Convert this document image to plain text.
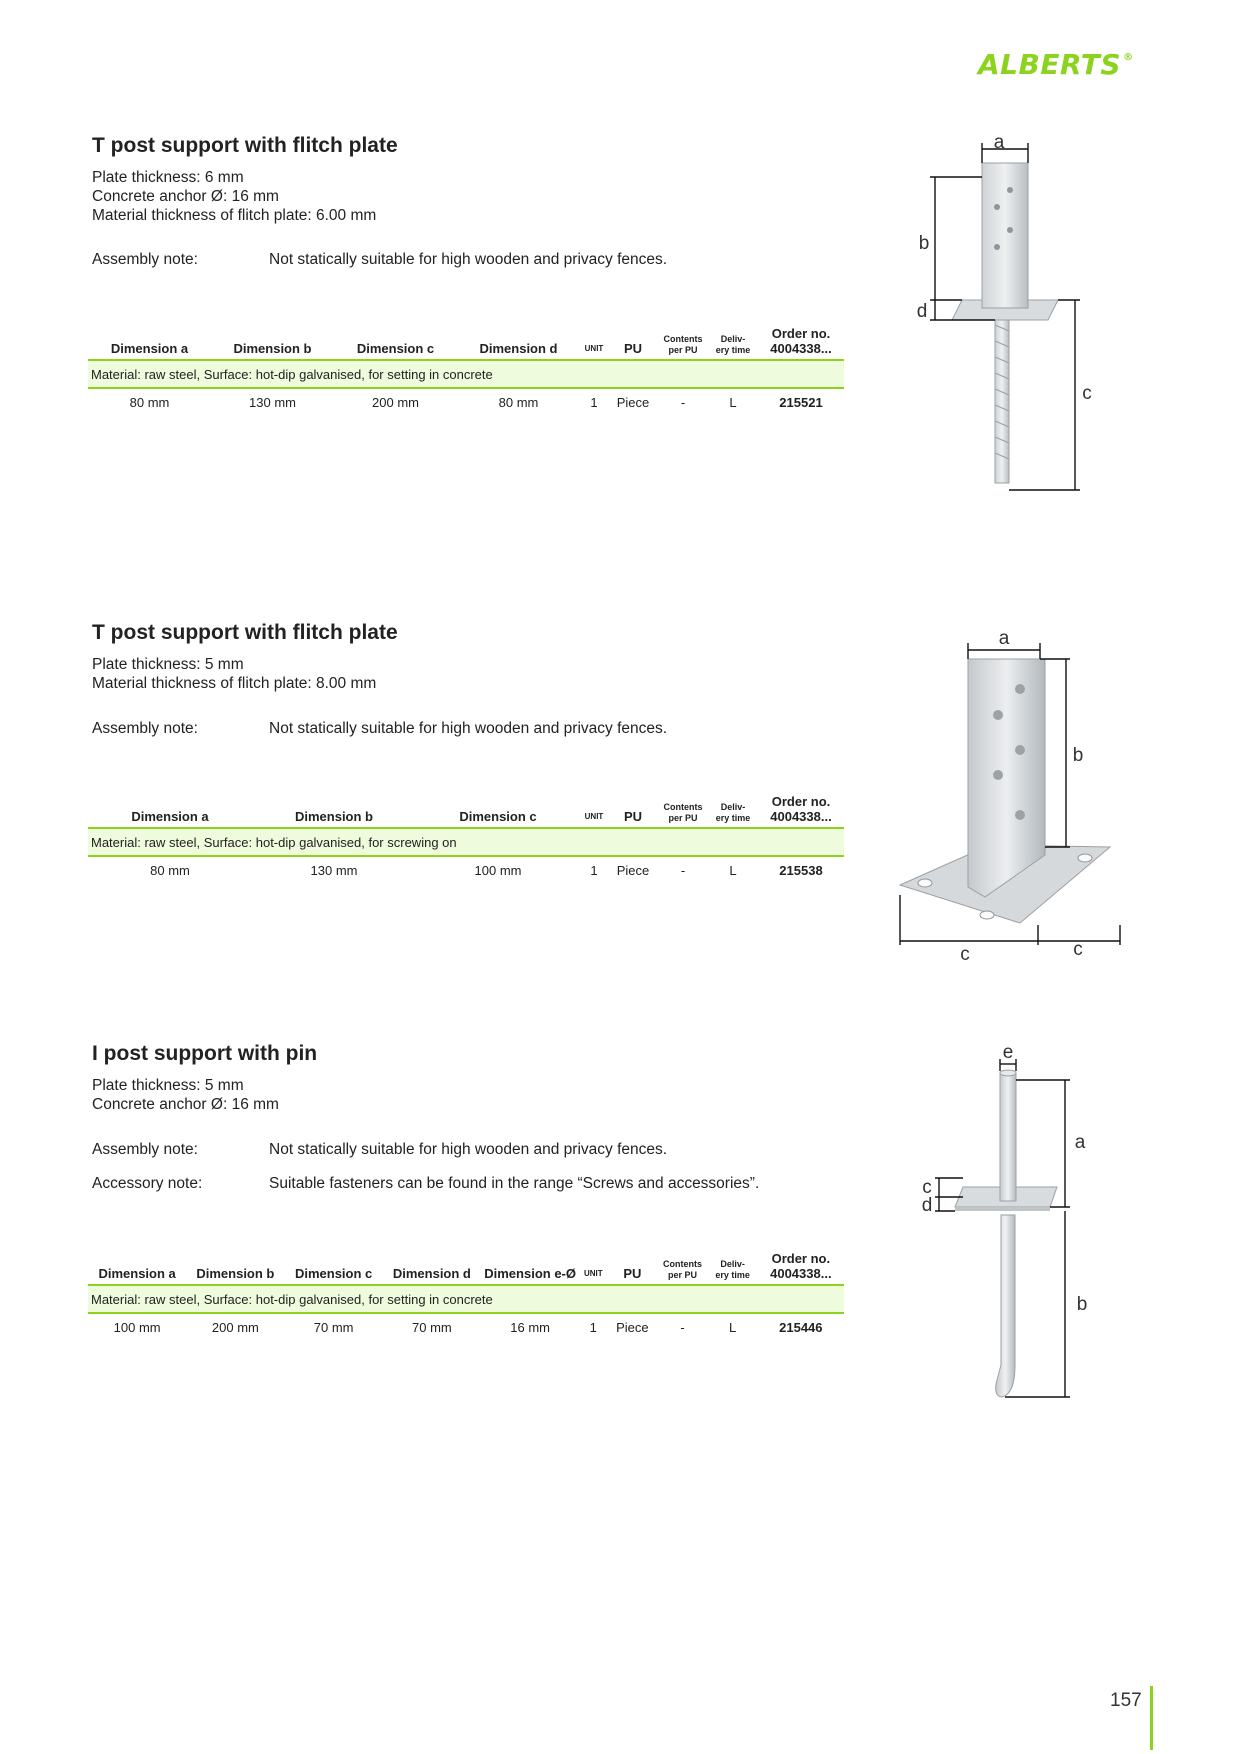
ALBERTS ®
T post support with flitch plate
Plate thickness: 6 mm
Concrete anchor Ø: 16 mm
Material thickness of flitch plate: 6.00 mm
Assembly note:	Not statically suitable for high wooden and privacy fences.
Dimension a	Dimension b	Dimension c	Dimension d	UNIT	PU	Contents
per PU	Deliv-
ery time	Order no.
4004338...
Material: raw steel, Surface: hot-dip galvanised, for setting in concrete								
80 mm	130 mm	200 mm	80 mm	1	Piece	-	L	215521
a
b
d
c
T post support with flitch plate
Plate thickness: 5 mm
Material thickness of flitch plate: 8.00 mm
Assembly note:	Not statically suitable for high wooden and privacy fences.
Dimension a	Dimension b	Dimension c	UNIT	PU	Contents
per PU	Deliv-
ery time	Order no.
4004338...
Material: raw steel, Surface: hot-dip galvanised, for screwing on							
80 mm	130 mm	100 mm	1	Piece	-	L	215538
a
b
c	c
I post support with pin
Plate thickness: 5 mm
Concrete anchor Ø: 16 mm
Assembly note:	Not statically suitable for high wooden and privacy fences.
Accessory note:	Suitable fasteners can be found in the range “Screws and accessories”.
Dimension a	Dimension b	Dimension c	Dimension d	Dimension e-Ø	UNIT	PU	Contents
per PU	Deliv-
ery time	Order no.
4004338...
Material: raw steel, Surface: hot-dip galvanised, for setting in concrete									
100 mm	200 mm	70 mm	70 mm	16 mm	1	Piece	-	L	215446
e
a
c
d
b
157
